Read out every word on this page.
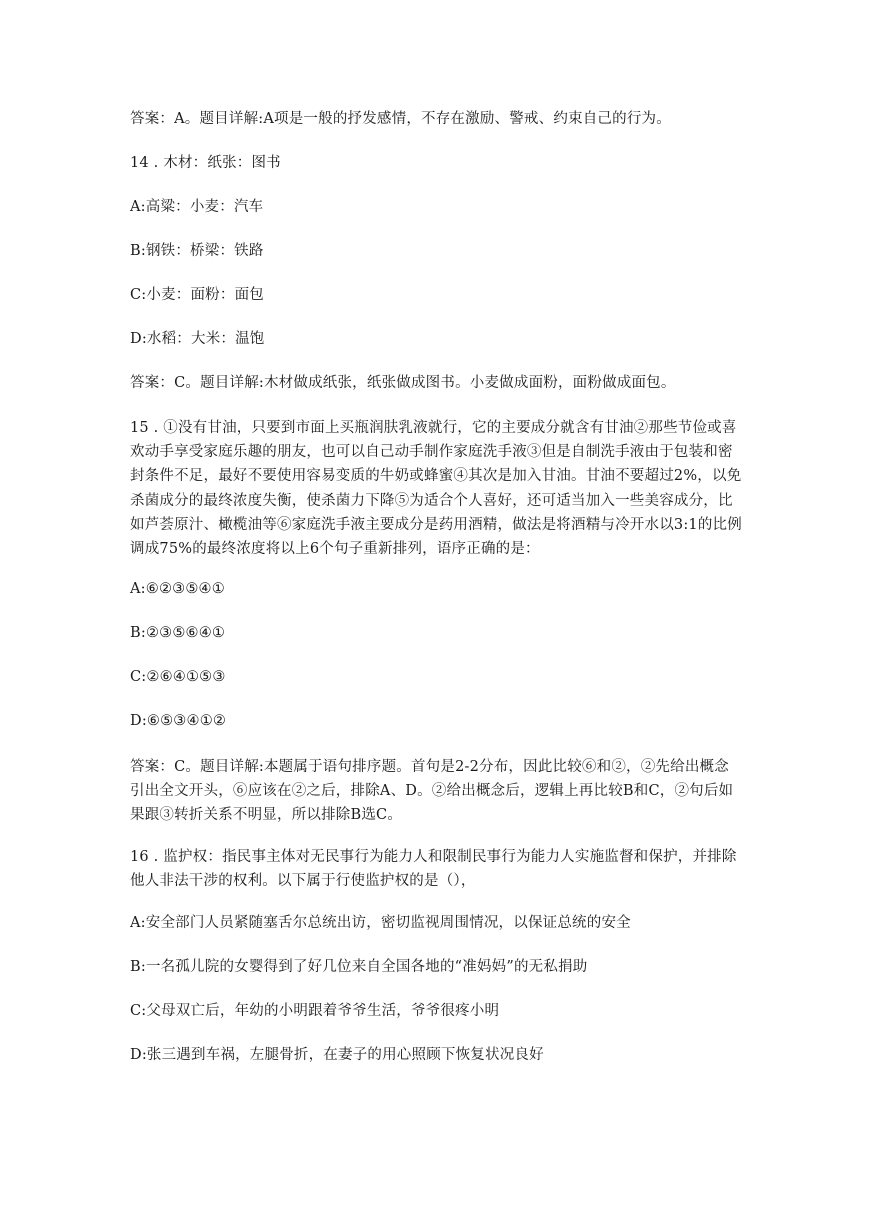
答案：A。题目详解:A项是一般的抒发感情，不存在激励、警戒、约束自己的行为。

14 . 木材：纸张：图书

A:高粱：小麦：汽车

B:钢铁：桥梁：铁路

C:小麦：面粉：面包

D:水稻：大米：温饱

答案：C。题目详解:木材做成纸张，纸张做成图书。小麦做成面粉，面粉做成面包。

15 . ①没有甘油，只要到市面上买瓶润肤乳液就行，它的主要成分就含有甘油②那些节俭或喜欢动手享受家庭乐趣的朋友，也可以自己动手制作家庭洗手液③但是自制洗手液由于包装和密封条件不足，最好不要使用容易变质的牛奶或蜂蜜④其次是加入甘油。甘油不要超过2%，以免杀菌成分的最终浓度失衡，使杀菌力下降⑤为适合个人喜好，还可适当加入一些美容成分，比如芦荟原汁、橄榄油等⑥家庭洗手液主要成分是药用酒精，做法是将酒精与冷开水以3:1的比例调成75%的最终浓度将以上6个句子重新排列，语序正确的是：

A:⑥②③⑤④①

B:②③⑤⑥④①

C:②⑥④①⑤③

D:⑥⑤③④①②

答案：C。题目详解:本题属于语句排序题。首句是2-2分布，因此比较⑥和②，②先给出概念引出全文开头，⑥应该在②之后，排除A、D。②给出概念后，逻辑上再比较B和C，②句后如果跟③转折关系不明显，所以排除B选C。

16 . 监护权：指民事主体对无民事行为能力人和限制民事行为能力人实施监督和保护，并排除他人非法干涉的权利。以下属于行使监护权的是（），

A:安全部门人员紧随塞舌尔总统出访，密切监视周围情况，以保证总统的安全

B:一名孤儿院的女婴得到了好几位来自全国各地的“准妈妈”的无私捐助

C:父母双亡后，年幼的小明跟着爷爷生活，爷爷很疼小明

D:张三遇到车祸，左腿骨折，在妻子的用心照顾下恢复状况良好
